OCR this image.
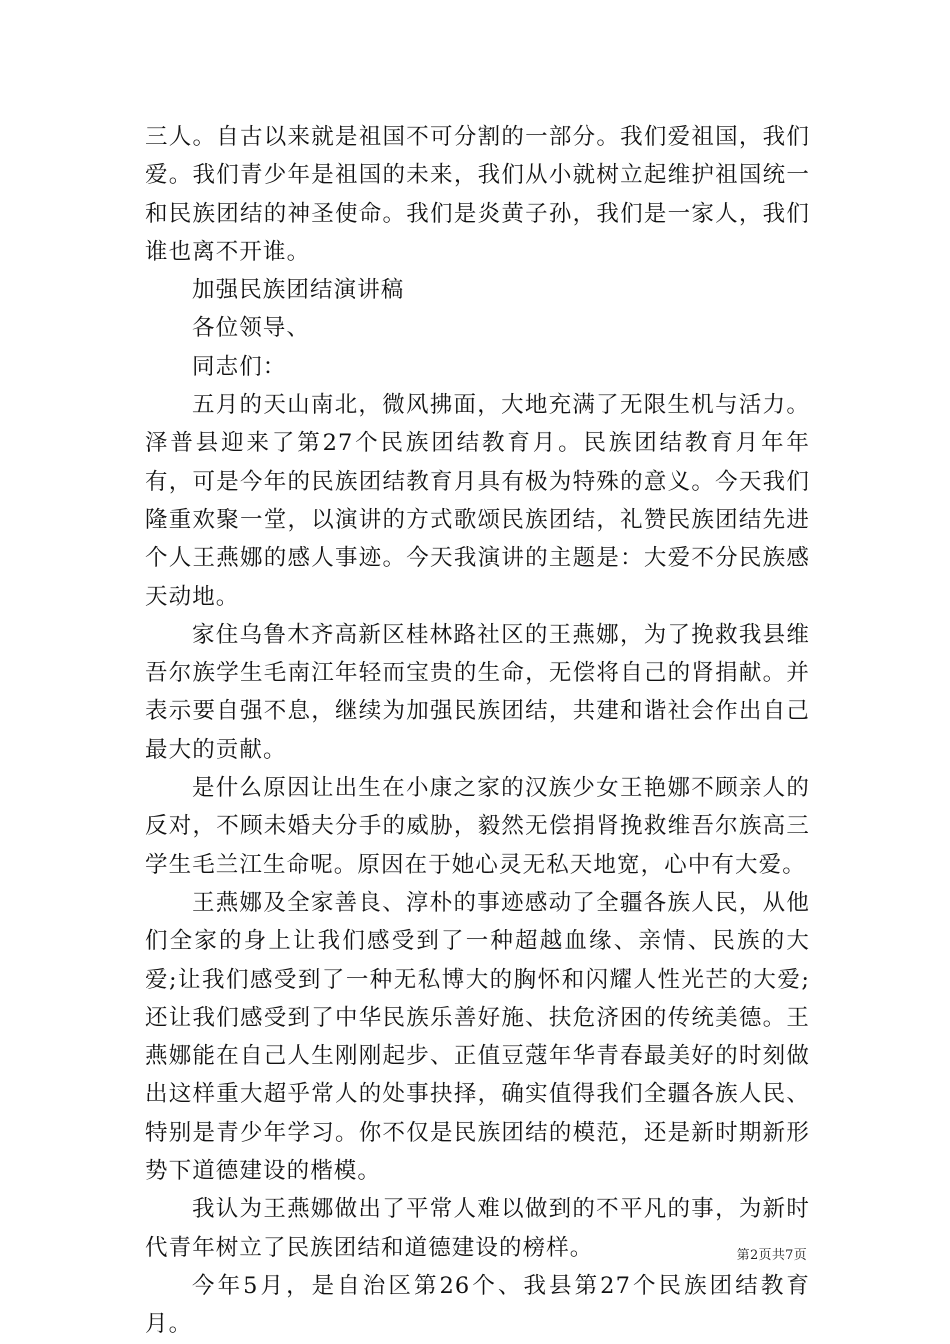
三人。自古以来就是祖国不可分割的一部分。我们爱祖国，我们爱。我们青少年是祖国的未来，我们从小就树立起维护祖国统一和民族团结的神圣使命。我们是炎黄子孙，我们是一家人，我们谁也离不开谁。

加强民族团结演讲稿

各位领导、

同志们：

五月的天山南北，微风拂面，大地充满了无限生机与活力。泽普县迎来了第27个民族团结教育月。民族团结教育月年年有，可是今年的民族团结教育月具有极为特殊的意义。今天我们隆重欢聚一堂，以演讲的方式歌颂民族团结，礼赞民族团结先进个人王燕娜的感人事迹。今天我演讲的主题是：大爱不分民族感天动地。

家住乌鲁木齐高新区桂林路社区的王燕娜，为了挽救我县维吾尔族学生毛南江年轻而宝贵的生命，无偿将自己的肾捐献。并表示要自强不息，继续为加强民族团结，共建和谐社会作出自己最大的贡献。

是什么原因让出生在小康之家的汉族少女王艳娜不顾亲人的反对，不顾未婚夫分手的威胁，毅然无偿捐肾挽救维吾尔族高三学生毛兰江生命呢。原因在于她心灵无私天地宽，心中有大爱。

王燕娜及全家善良、淳朴的事迹感动了全疆各族人民，从他们全家的身上让我们感受到了一种超越血缘、亲情、民族的大爱;让我们感受到了一种无私博大的胸怀和闪耀人性光芒的大爱;还让我们感受到了中华民族乐善好施、扶危济困的传统美德。王燕娜能在自己人生刚刚起步、正值豆蔻年华青春最美好的时刻做出这样重大超乎常人的处事抉择，确实值得我们全疆各族人民、特别是青少年学习。你不仅是民族团结的模范，还是新时期新形势下道德建设的楷模。

我认为王燕娜做出了平常人难以做到的不平凡的事，为新时代青年树立了民族团结和道德建设的榜样。

今年5月，是自治区第26个、我县第27个民族团结教育月。

第2页共7页
